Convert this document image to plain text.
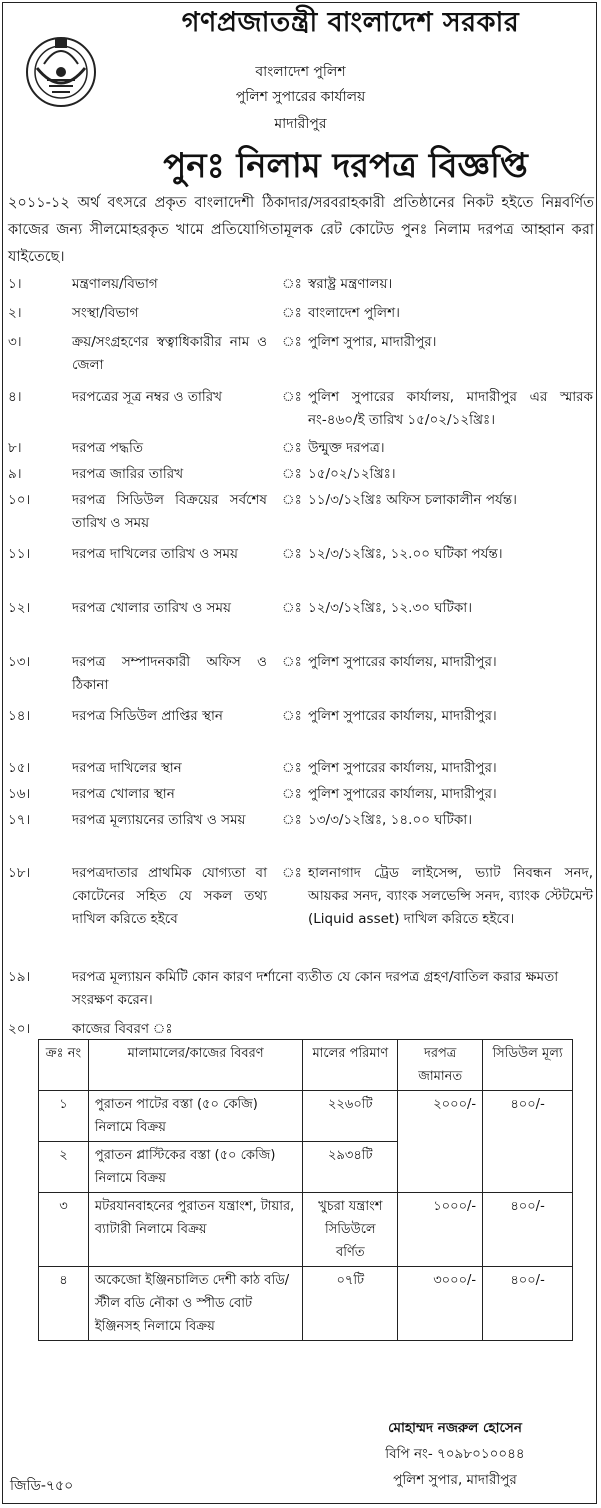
গণপ্রজাতন্ত্রী বাংলাদেশ সরকার
বাংলাদেশ পুলিশ
পুলিশ সুপারের কার্যালয়
মাদারীপুর
পুনঃ নিলাম দরপত্র বিজ্ঞপ্তি
২০১১-১২ অর্থ বৎসরে প্রকৃত বাংলাদেশী ঠিকাদার/সরবরাহকারী প্রতিষ্ঠানের নিকট হইতে নিম্নবর্ণিত কাজের জন্য সীলমোহরকৃত খামে প্রতিযোগিতামূলক রেট কোটেড পুনঃ নিলাম দরপত্র আহ্বান করা যাইতেছে।
১।	মন্ত্রণালয়/বিভাগ	ঃ স্বরাষ্ট্র মন্ত্রণালয়।
২।	সংস্থা/বিভাগ	ঃ বাংলাদেশ পুলিশ।
৩।	ক্রয়/সংগ্রহণের স্বত্বাধিকারীর নাম ও জেলা
ঃ পুলিশ সুপার, মাদারীপুর।
৪।	দরপত্রের সূত্র নম্বর ও তারিখ	ঃ পুলিশ সুপারের কার্যালয়, মাদারীপুর এর স্মারক নং-৪৬০/ই তারিখ ১৫/০২/১২খ্রিঃ।
৮।	দরপত্র পদ্ধতি	ঃ উন্মুক্ত দরপত্র।
৯।	দরপত্র জারির তারিখ	ঃ ১৫/০২/১২খ্রিঃ।
১০।	দরপত্র সিডিউল বিক্রয়ের সর্বশেষ তারিখ ও সময়
ঃ ১১/৩/১২খ্রিঃ অফিস চলাকালীন পর্যন্ত।
১১।	দরপত্র দাখিলের তারিখ ও সময়	ঃ ১২/৩/১২খ্রিঃ, ১২.০০ ঘটিকা পর্যন্ত।
১২।	দরপত্র খোলার তারিখ ও সময়	ঃ ১২/৩/১২খ্রিঃ, ১২.৩০ ঘটিকা।
১৩।	দরপত্র সম্পাদনকারী অফিস ও ঠিকানা
ঃ পুলিশ সুপারের কার্যালয়, মাদারীপুর।
১৪।	দরপত্র সিডিউল প্রাপ্তির স্থান	ঃ পুলিশ সুপারের কার্যালয়, মাদারীপুর।
১৫।	দরপত্র দাখিলের স্থান	ঃ পুলিশ সুপারের কার্যালয়, মাদারীপুর।
১৬।	দরপত্র খোলার স্থান	ঃ পুলিশ সুপারের কার্যালয়, মাদারীপুর।
১৭।	দরপত্র মূল্যায়নের তারিখ ও সময়	ঃ ১৩/৩/১২খ্রিঃ, ১৪.০০ ঘটিকা।
১৮।	দরপত্রদাতার প্রাথমিক যোগ্যতা বা কোটেনের সহিত যে সকল তথ্য দাখিল করিতে হইবে
ঃ হালনাগাদ ট্রেড লাইসেন্স, ভ্যাট নিবন্ধন সনদ, আয়কর সনদ, ব্যাংক সলভেন্সি সনদ, ব্যাংক স্টেটমেন্ট (Liquid asset) দাখিল করিতে হইবে।
১৯।	দরপত্র মূল্যায়ন কমিটি কোন কারণ দর্শানো ব্যতীত যে কোন দরপত্র গ্রহণ/বাতিল করার ক্ষমতা সংরক্ষণ করেন।
২০।	কাজের বিবরণ ঃ
ক্রঃ নং	মালামালের/কাজের বিবরণ	মালের পরিমাণ	দরপত্র জামানত	সিডিউল মূল্য
১	পুরাতন পাটের বস্তা (৫০ কেজি) নিলামে বিক্রয়	২২৬০টি	২০০০/-	৪০০/-
২	পুরাতন প্লাস্টিকের বস্তা (৫০ কেজি) নিলামে বিক্রয়	২৯৩৪টি		
৩	মটরযানবাহনের পুরাতন যন্ত্রাংশ, টায়ার, ব্যাটারী নিলামে বিক্রয়	খুচরা যন্ত্রাংশ সিডিউলে বর্ণিত	১০০০/-	৪০০/-
৪	অকেজো ইঞ্জিনচালিত দেশী কাঠ বডি/স্টীল বডি নৌকা ও স্পীড বোট ইঞ্জিনসহ নিলামে বিক্রয়	০৭টি	৩০০০/-	৪০০/-
মোহাম্মদ নজরুল হোসেন
বিপি নং- ৭০৯৮০১০০৪৪
পুলিশ সুপার, মাদারীপুর
জিডি-৭৫০
